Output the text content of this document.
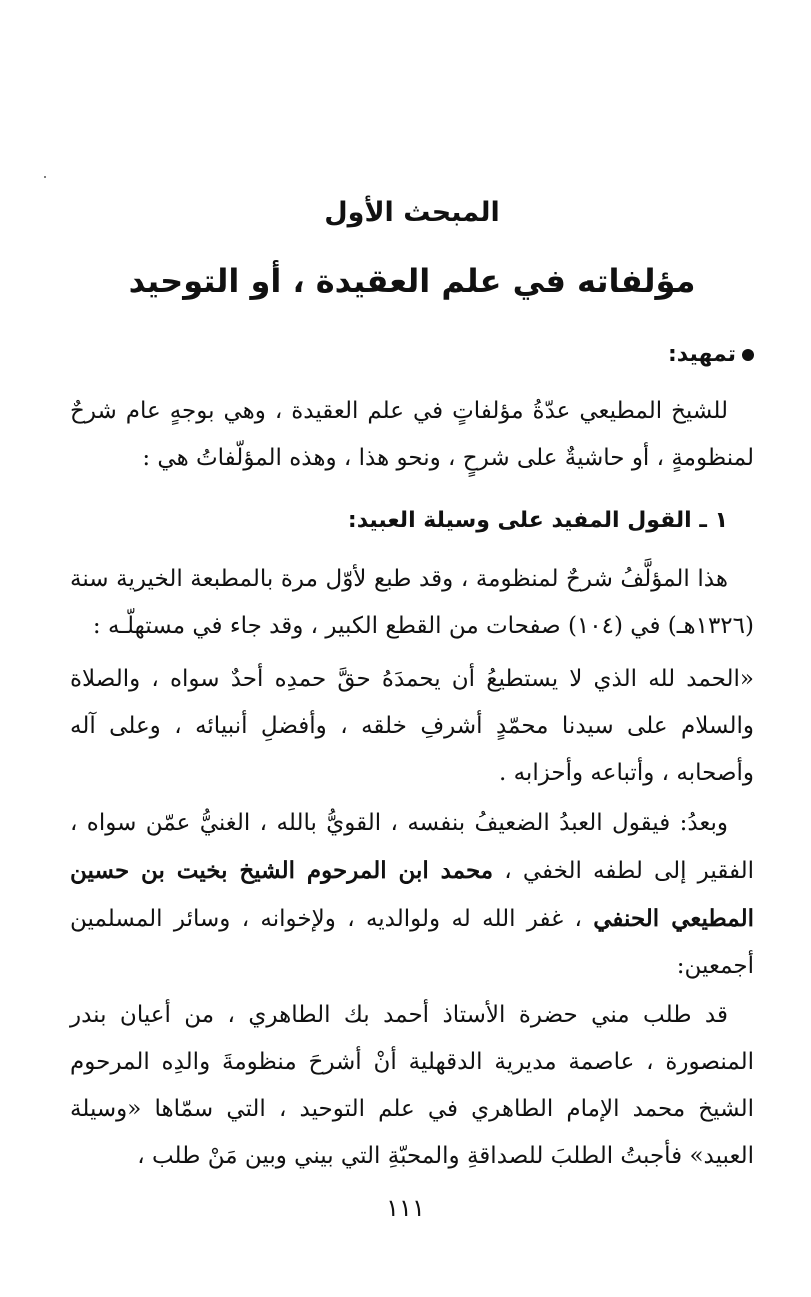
المبحث الأول
مؤلفاته في علم العقيدة ، أو التوحيد
تمهيد:
للشيخ المطيعي عدّةُ مؤلفاتٍ في علم العقيدة ، وهي بوجهٍ عام شرحٌ لمنظومةٍ ، أو حاشيةٌ على شرحٍ ، ونحو هذا ، وهذه المؤلّفاتُ هي :
١ ـ القول المفيد على وسيلة العبيد:
هذا المؤلَّفُ شرحٌ لمنظومة ، وقد طبع لأوّل مرة بالمطبعة الخيرية سنة (١٣٢٦هـ) في (١٠٤) صفحات من القطع الكبير ، وقد جاء في مستهلّـه :
«الحمد لله الذي لا يستطيعُ أن يحمدَهُ حقَّ حمدِه أحدٌ سواه ، والصلاة والسلام على سيدنا محمّدٍ أشرفِ خلقه ، وأفضلِ أنبيائه ، وعلى آله وأصحابه ، وأتباعه وأحزابه .
وبعدُ: فيقول العبدُ الضعيفُ بنفسه ، القويُّ بالله ، الغنيُّ عمّن سواه ، الفقير إلى لطفه الخفي ، محمد ابن المرحوم الشيخ بخيت بن حسين المطيعي الحنفي ، غفر الله له ولوالديه ، ولإخوانه ، وسائر المسلمين أجمعين:
قد طلب مني حضرة الأستاذ أحمد بك الطاهري ، من أعيان بندر المنصورة ، عاصمة مديرية الدقهلية أنْ أشرحَ منظومةَ والدِه المرحوم الشيخ محمد الإمام الطاهري في علم التوحيد ، التي سمّاها «وسيلة العبيد» فأجبتُ الطلبَ للصداقةِ والمحبّةِ التي بيني وبين مَنْ طلب ،
١١١
